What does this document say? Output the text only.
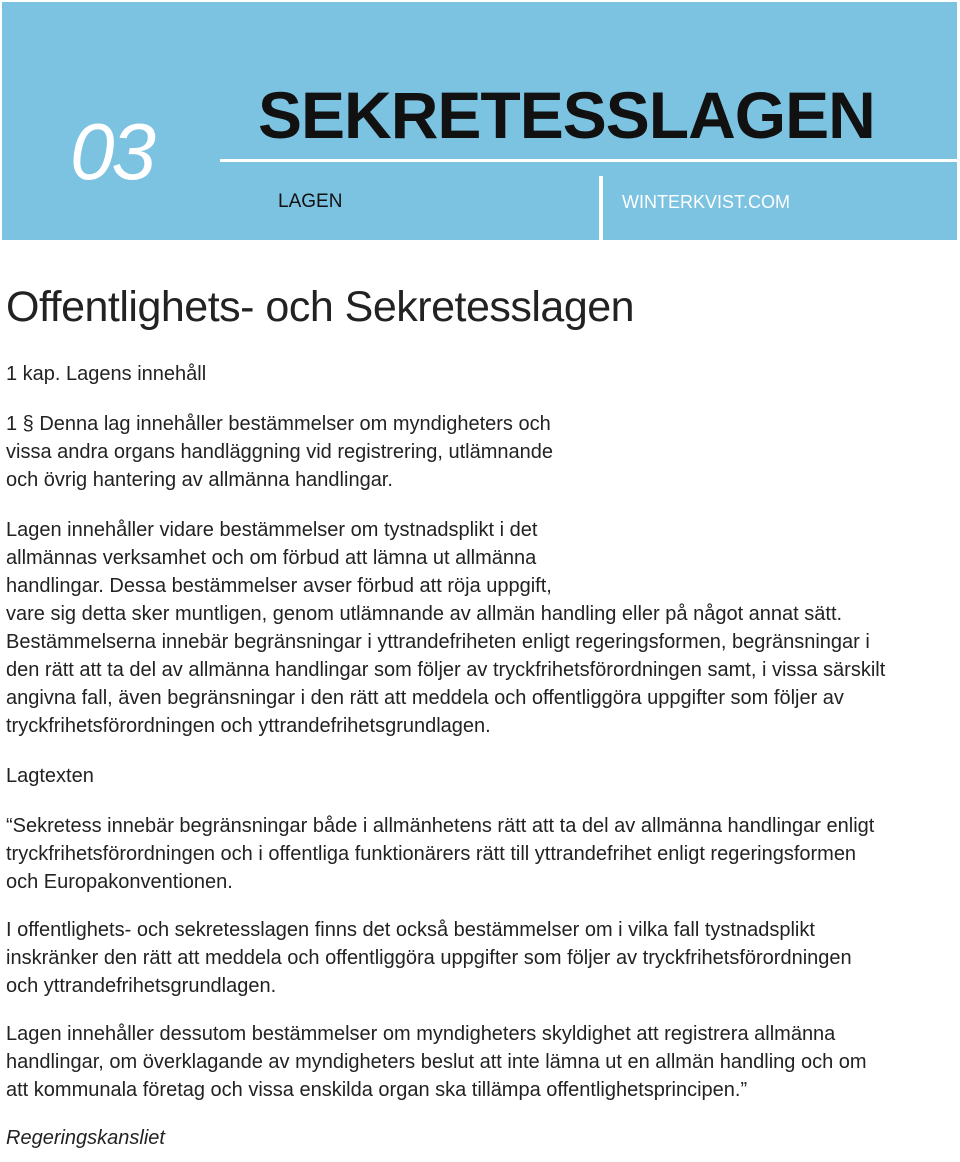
03 SEKRETESSLAGEN
LAGEN	WINTERKVIST.COM
Offentlighets- och Sekretesslagen

1 kap. Lagens innehåll

1 § Denna lag innehåller bestämmelser om myndigheters och
vissa andra organs handläggning vid registrering, utlämnande
och övrig hantering av allmänna handlingar.

Lagen innehåller vidare bestämmelser om tystnadsplikt i det
allmännas verksamhet och om förbud att lämna ut allmänna
handlingar. Dessa bestämmelser avser förbud att röja uppgift,
vare sig detta sker muntligen, genom utlämnande av allmän handling eller på något annat sätt.
Bestämmelserna innebär begränsningar i yttrandefriheten enligt regeringsformen, begränsningar i
den rätt att ta del av allmänna handlingar som följer av tryckfrihetsförordningen samt, i vissa särskilt
angivna fall, även begränsningar i den rätt att meddela och offentliggöra uppgifter som följer av
tryckfrihetsförordningen och yttrandefrihetsgrundlagen.

Lagtexten

“Sekretess innebär begränsningar både i allmänhetens rätt att ta del av allmänna handlingar enligt
tryckfrihetsförordningen och i offentliga funktionärers rätt till yttrandefrihet enligt regeringsformen
och Europakonventionen.

I offentlighets- och sekretesslagen finns det också bestämmelser om i vilka fall tystnadsplikt
inskränker den rätt att meddela och offentliggöra uppgifter som följer av tryckfrihetsförordningen
och yttrandefrihetsgrundlagen.

Lagen innehåller dessutom bestämmelser om myndigheters skyldighet att registrera allmänna
handlingar, om överklagande av myndigheters beslut att inte lämna ut en allmän handling och om
att kommunala företag och vissa enskilda organ ska tillämpa offentlighetsprincipen.”

Regeringskansliet
